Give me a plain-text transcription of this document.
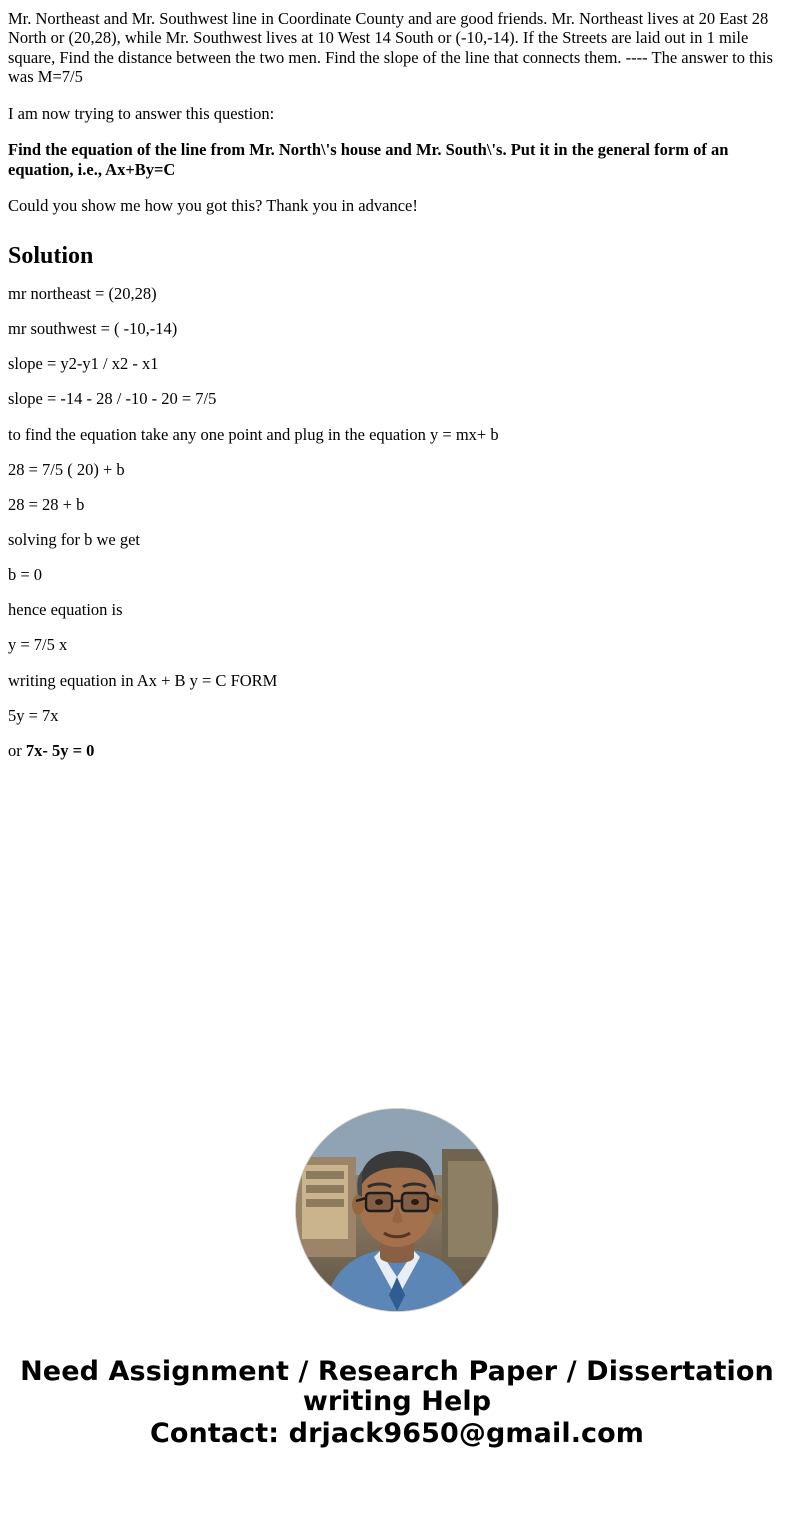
Mr. Northeast and Mr. Southwest line in Coordinate County and are good friends. Mr. Northeast lives at 20 East 28 North or (20,28), while Mr. Southwest lives at 10 West 14 South or (-10,-14). If the Streets are laid out in 1 mile square, Find the distance between the two men. Find the slope of the line that connects them. ---- The answer to this was M=7/5

I am now trying to answer this question:

Find the equation of the line from Mr. North\'s house and Mr. South\'s. Put it in the general form of an equation, i.e., Ax+By=C

Could you show me how you got this? Thank you in advance!

Solution

mr northeast = (20,28)

mr southwest = ( -10,-14)

slope = y2-y1 / x2 - x1

slope = -14 - 28 / -10 - 20 = 7/5

to find the equation take any one point and plug in the equation y = mx+ b

28 = 7/5 ( 20) + b

28 = 28 + b

solving for b we get

b = 0

hence equation is

y = 7/5 x

writing equation in Ax + B y = C FORM

5y = 7x

or 7x- 5y = 0

Need Assignment / Research Paper / Dissertation
writing Help
Contact: drjack9650@gmail.com
